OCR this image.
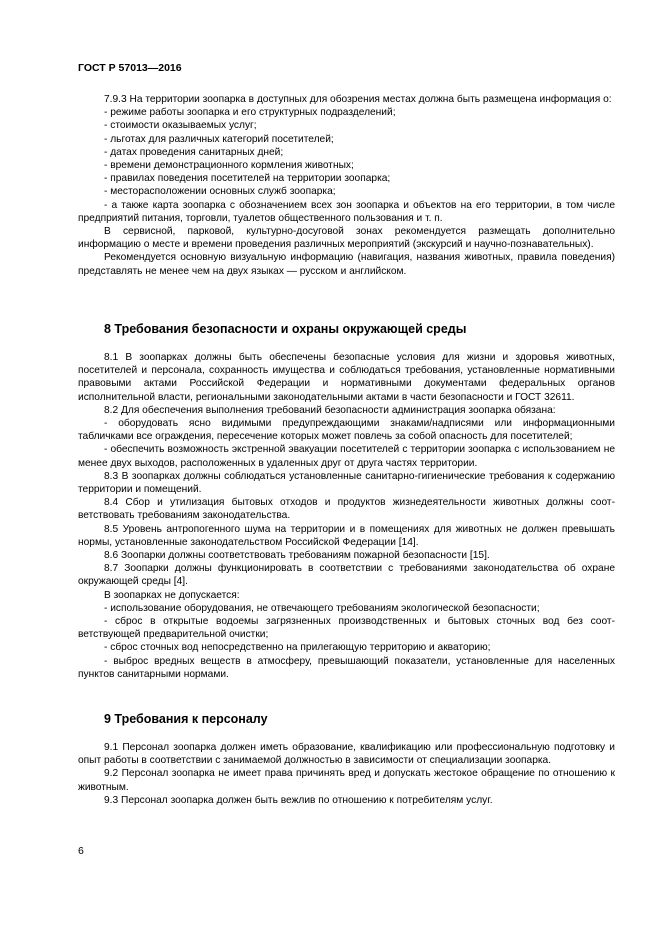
ГОСТ Р 57013—2016

7.9.3 На территории зоопарка в доступных для обозрения местах должна быть размещена информация о:

- режиме работы зоопарка и его структурных подразделений;

- стоимости оказываемых услуг;

- льготах для различных категорий посетителей;

- датах проведения санитарных дней;

- времени демонстрационного кормления животных;

- правилах поведения посетителей на территории зоопарка;

- месторасположении основных служб зоопарка;

- а также карта зоопарка с обозначением всех зон зоопарка и объектов на его территории, в том числе предприятий питания, торговли, туалетов общественного пользования и т. п.

В сервисной, парковой, культурно-досуговой зонах рекомендуется размещать дополнительно информацию о месте и времени проведения различных мероприятий (экскурсий и научно-познавательных).

Рекомендуется основную визуальную информацию (навигация, названия животных, правила поведения) представлять не менее чем на двух языках — русском и английском.

8 Требования безопасности и охраны окружающей среды

8.1 В зоопарках должны быть обеспечены безопасные условия для жизни и здоровья животных, посетителей и персонала, сохранность имущества и соблюдаться требования, установленные нормативными правовыми актами Российской Федерации и нормативными документами федеральных органов исполнительной власти, региональными законодательными актами в части безопасности и ГОСТ 32611.

8.2 Для обеспечения выполнения требований безопасности администрация зоопарка обязана:

- оборудовать ясно видимыми предупреждающими знаками/надписями или информационными табличками все ограждения, пересечение которых может повлечь за собой опасность для посетителей;

- обеспечить возможность экстренной эвакуации посетителей с территории зоопарка с использованием не менее двух выходов, расположенных в удаленных друг от друга частях территории.

8.3 В зоопарках должны соблюдаться установленные санитарно-гигиенические требования к содержанию территории и помещений.

8.4 Сбор и утилизация бытовых отходов и продуктов жизнедеятельности животных должны соответствовать требованиям законодательства.

8.5 Уровень антропогенного шума на территории и в помещениях для животных не должен превышать нормы, установленные законодательством Российской Федерации [14].

8.6 Зоопарки должны соответствовать требованиям пожарной безопасности [15].

8.7 Зоопарки должны функционировать в соответствии с требованиями законодательства об охране окружающей среды [4].

В зоопарках не допускается:

- использование оборудования, не отвечающего требованиям экологической безопасности;

- сброс в открытые водоемы загрязненных производственных и бытовых сточных вод без соответствующей предварительной очистки;

- сброс сточных вод непосредственно на прилегающую территорию и акваторию;

- выброс вредных веществ в атмосферу, превышающий показатели, установленные для населенных пунктов санитарными нормами.

9 Требования к персоналу

9.1 Персонал зоопарка должен иметь образование, квалификацию или профессиональную подготовку и опыт работы в соответствии с занимаемой должностью в зависимости от специализации зоопарка.

9.2 Персонал зоопарка не имеет права причинять вред и допускать жестокое обращение по отношению к животным.

9.3 Персонал зоопарка должен быть вежлив по отношению к потребителям услуг.

6
